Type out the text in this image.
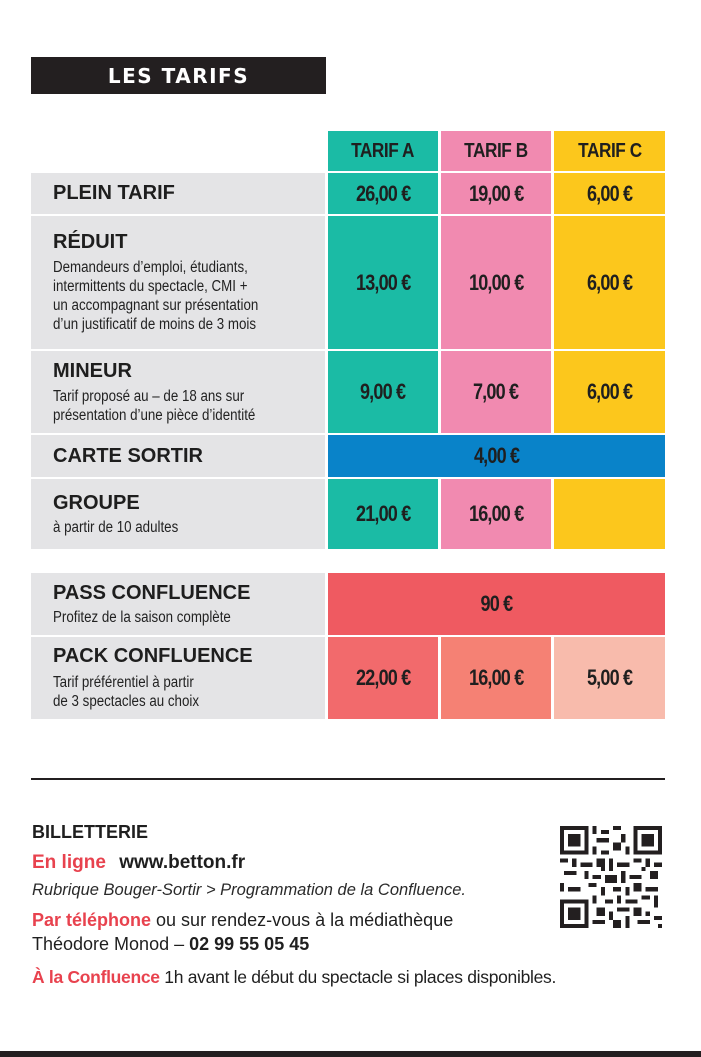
LES TARIFS
TARIF A TARIF B TARIF C
PLEIN TARIF	26,00 €	19,00 €	6,00 €
RÉDUIT
Demandeurs d’emploi, étudiants,
intermittents du spectacle, CMI +
un accompagnant sur présentation
d’un justificatif de moins de 3 mois
13,00 €	10,00 €	6,00 €
MINEUR
Tarif proposé au – de 18 ans sur
présentation d’une pièce d’identité
9,00 €	7,00 €	6,00 €
CARTE SORTIR	4,00 €
GROUPE
à partir de 10 adultes
21,00 €	16,00 €
PASS CONFLUENCE
Profitez de la saison complète
90 €
PACK CONFLUENCE
Tarif préférentiel à partir
de 3 spectacles au choix
22,00 €	16,00 €	5,00 €
BILLETTERIE
En ligne www.betton.fr
Rubrique Bouger-Sortir > Programmation de la Confluence.
Par téléphone ou sur rendez-vous à la médiathèque
Théodore Monod – 02 99 55 05 45
À la Confluence 1h avant le début du spectacle si places disponibles.
